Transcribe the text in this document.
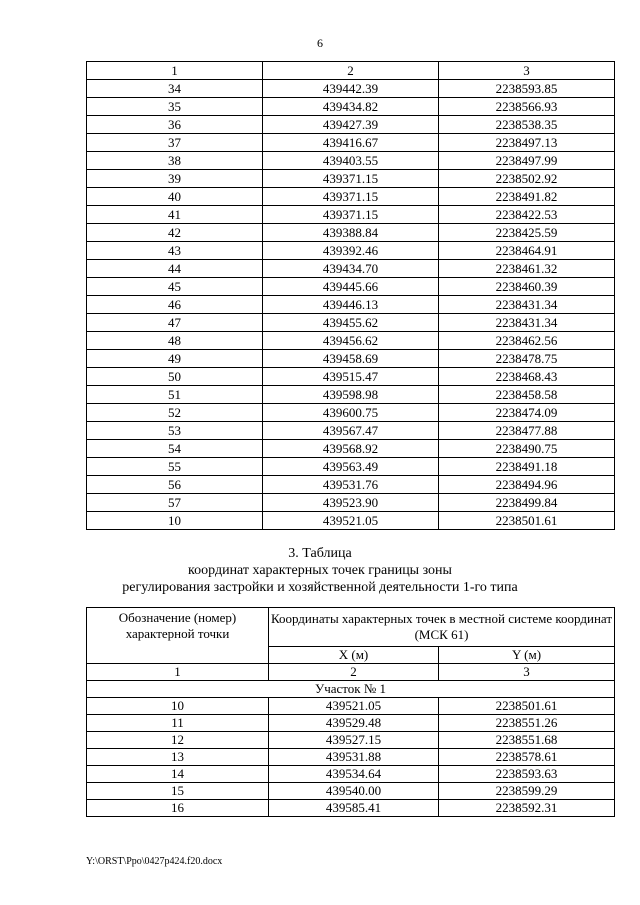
6
1	2	3
34	439442.39	2238593.85
35	439434.82	2238566.93
36	439427.39	2238538.35
37	439416.67	2238497.13
38	439403.55	2238497.99
39	439371.15	2238502.92
40	439371.15	2238491.82
41	439371.15	2238422.53
42	439388.84	2238425.59
43	439392.46	2238464.91
44	439434.70	2238461.32
45	439445.66	2238460.39
46	439446.13	2238431.34
47	439455.62	2238431.34
48	439456.62	2238462.56
49	439458.69	2238478.75
50	439515.47	2238468.43
51	439598.98	2238458.58
52	439600.75	2238474.09
53	439567.47	2238477.88
54	439568.92	2238490.75
55	439563.49	2238491.18
56	439531.76	2238494.96
57	439523.90	2238499.84
10	439521.05	2238501.61
3. Таблица
координат характерных точек границы зоны
регулирования застройки и хозяйственной деятельности 1-го типа
Обозначение (номер) характерной точки	Координаты характерных точек в местной системе координат (МСК 61)	
	X (м)	Y (м)
1	2	3
Участок № 1		
10	439521.05	2238501.61
11	439529.48	2238551.26
12	439527.15	2238551.68
13	439531.88	2238578.61
14	439534.64	2238593.63
15	439540.00	2238599.29
16	439585.41	2238592.31
Y:\ORST\Ppo\0427p424.f20.docx
